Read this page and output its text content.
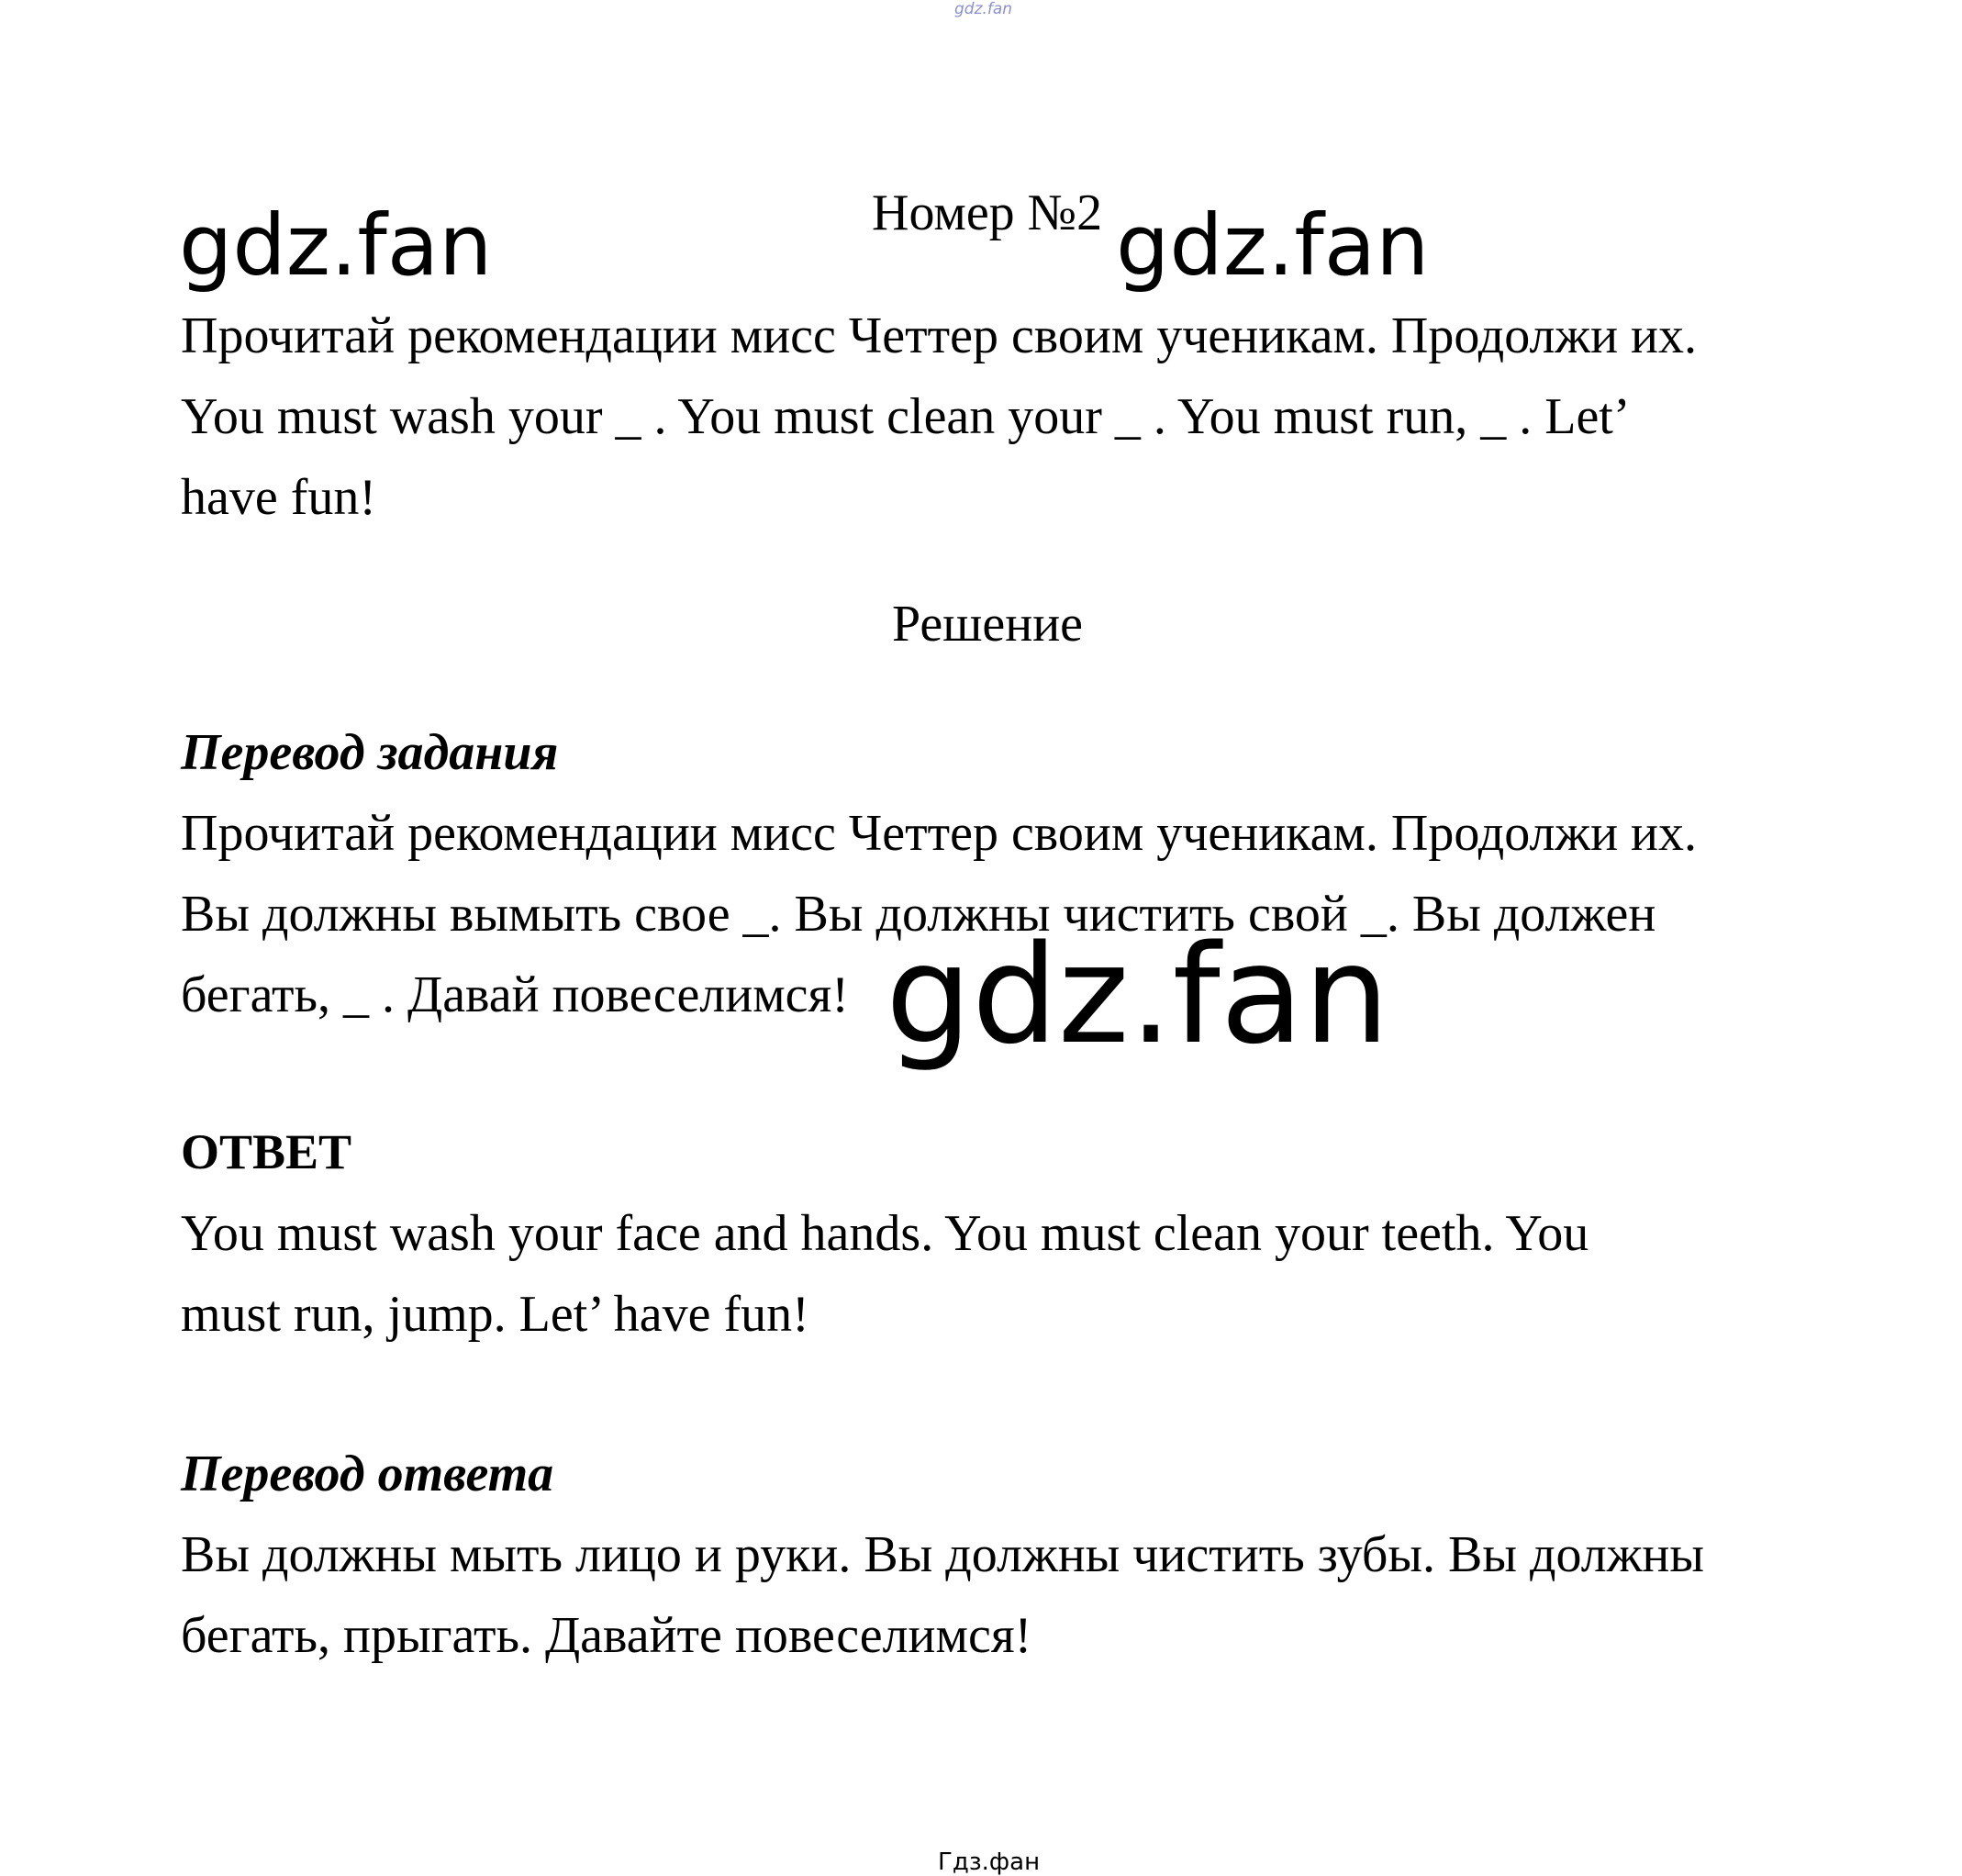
gdz.fan
Номер №2
gdz.fan	gdz.fan
Прочитай рекомендации мисс Четтер своим ученикам. Продолжи их.
You must wash your _ . You must clean your _ . You must run, _ . Let’
have fun!
Решение
Перевод задания
Прочитай рекомендации мисс Четтер своим ученикам. Продолжи их.
Вы должны вымыть свое _. Вы должны чистить свой _. Вы должен
бегать, _ . Давай повеселимся! gdz.fan
ОТВЕТ
You must wash your face and hands. You must clean your teeth. You
must run, jump. Let’ have fun!
Перевод ответа
Вы должны мыть лицо и руки. Вы должны чистить зубы. Вы должны
бегать, прыгать. Давайте повеселимся!
Гдз.фан
